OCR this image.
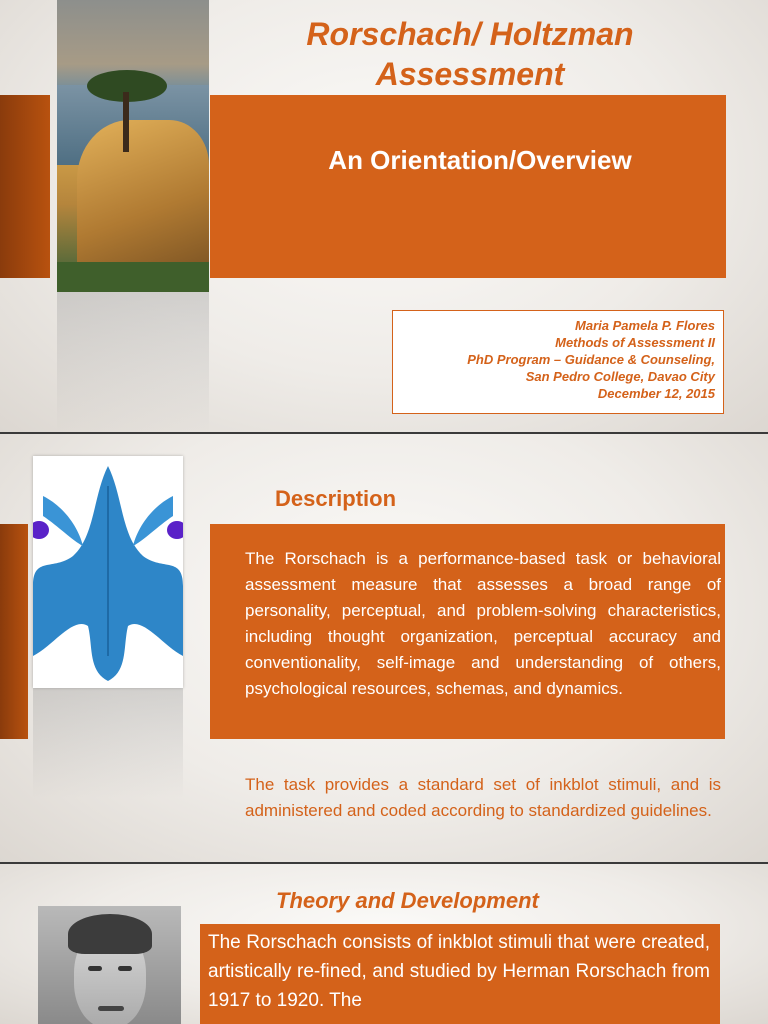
Rorschach/ Holtzman Assessment
An Orientation/Overview
Maria Pamela P. Flores
Methods of Assessment II
PhD Program – Guidance & Counseling,
San Pedro College, Davao City
December 12, 2015
Description

The Rorschach is a performance-based task or behavioral assessment measure that assesses a broad range of personality, perceptual, and problem-solving characteristics, including thought organization, perceptual accuracy and conventionality, self-image and understanding of others, psychological resources, schemas, and dynamics.

The task provides a standard set of inkblot stimuli, and is administered and coded according to standardized guidelines.

Theory and Development

The Rorschach consists of inkblot stimuli that were created, artistically re-fined, and studied by Herman Rorschach from 1917 to 1920. The
